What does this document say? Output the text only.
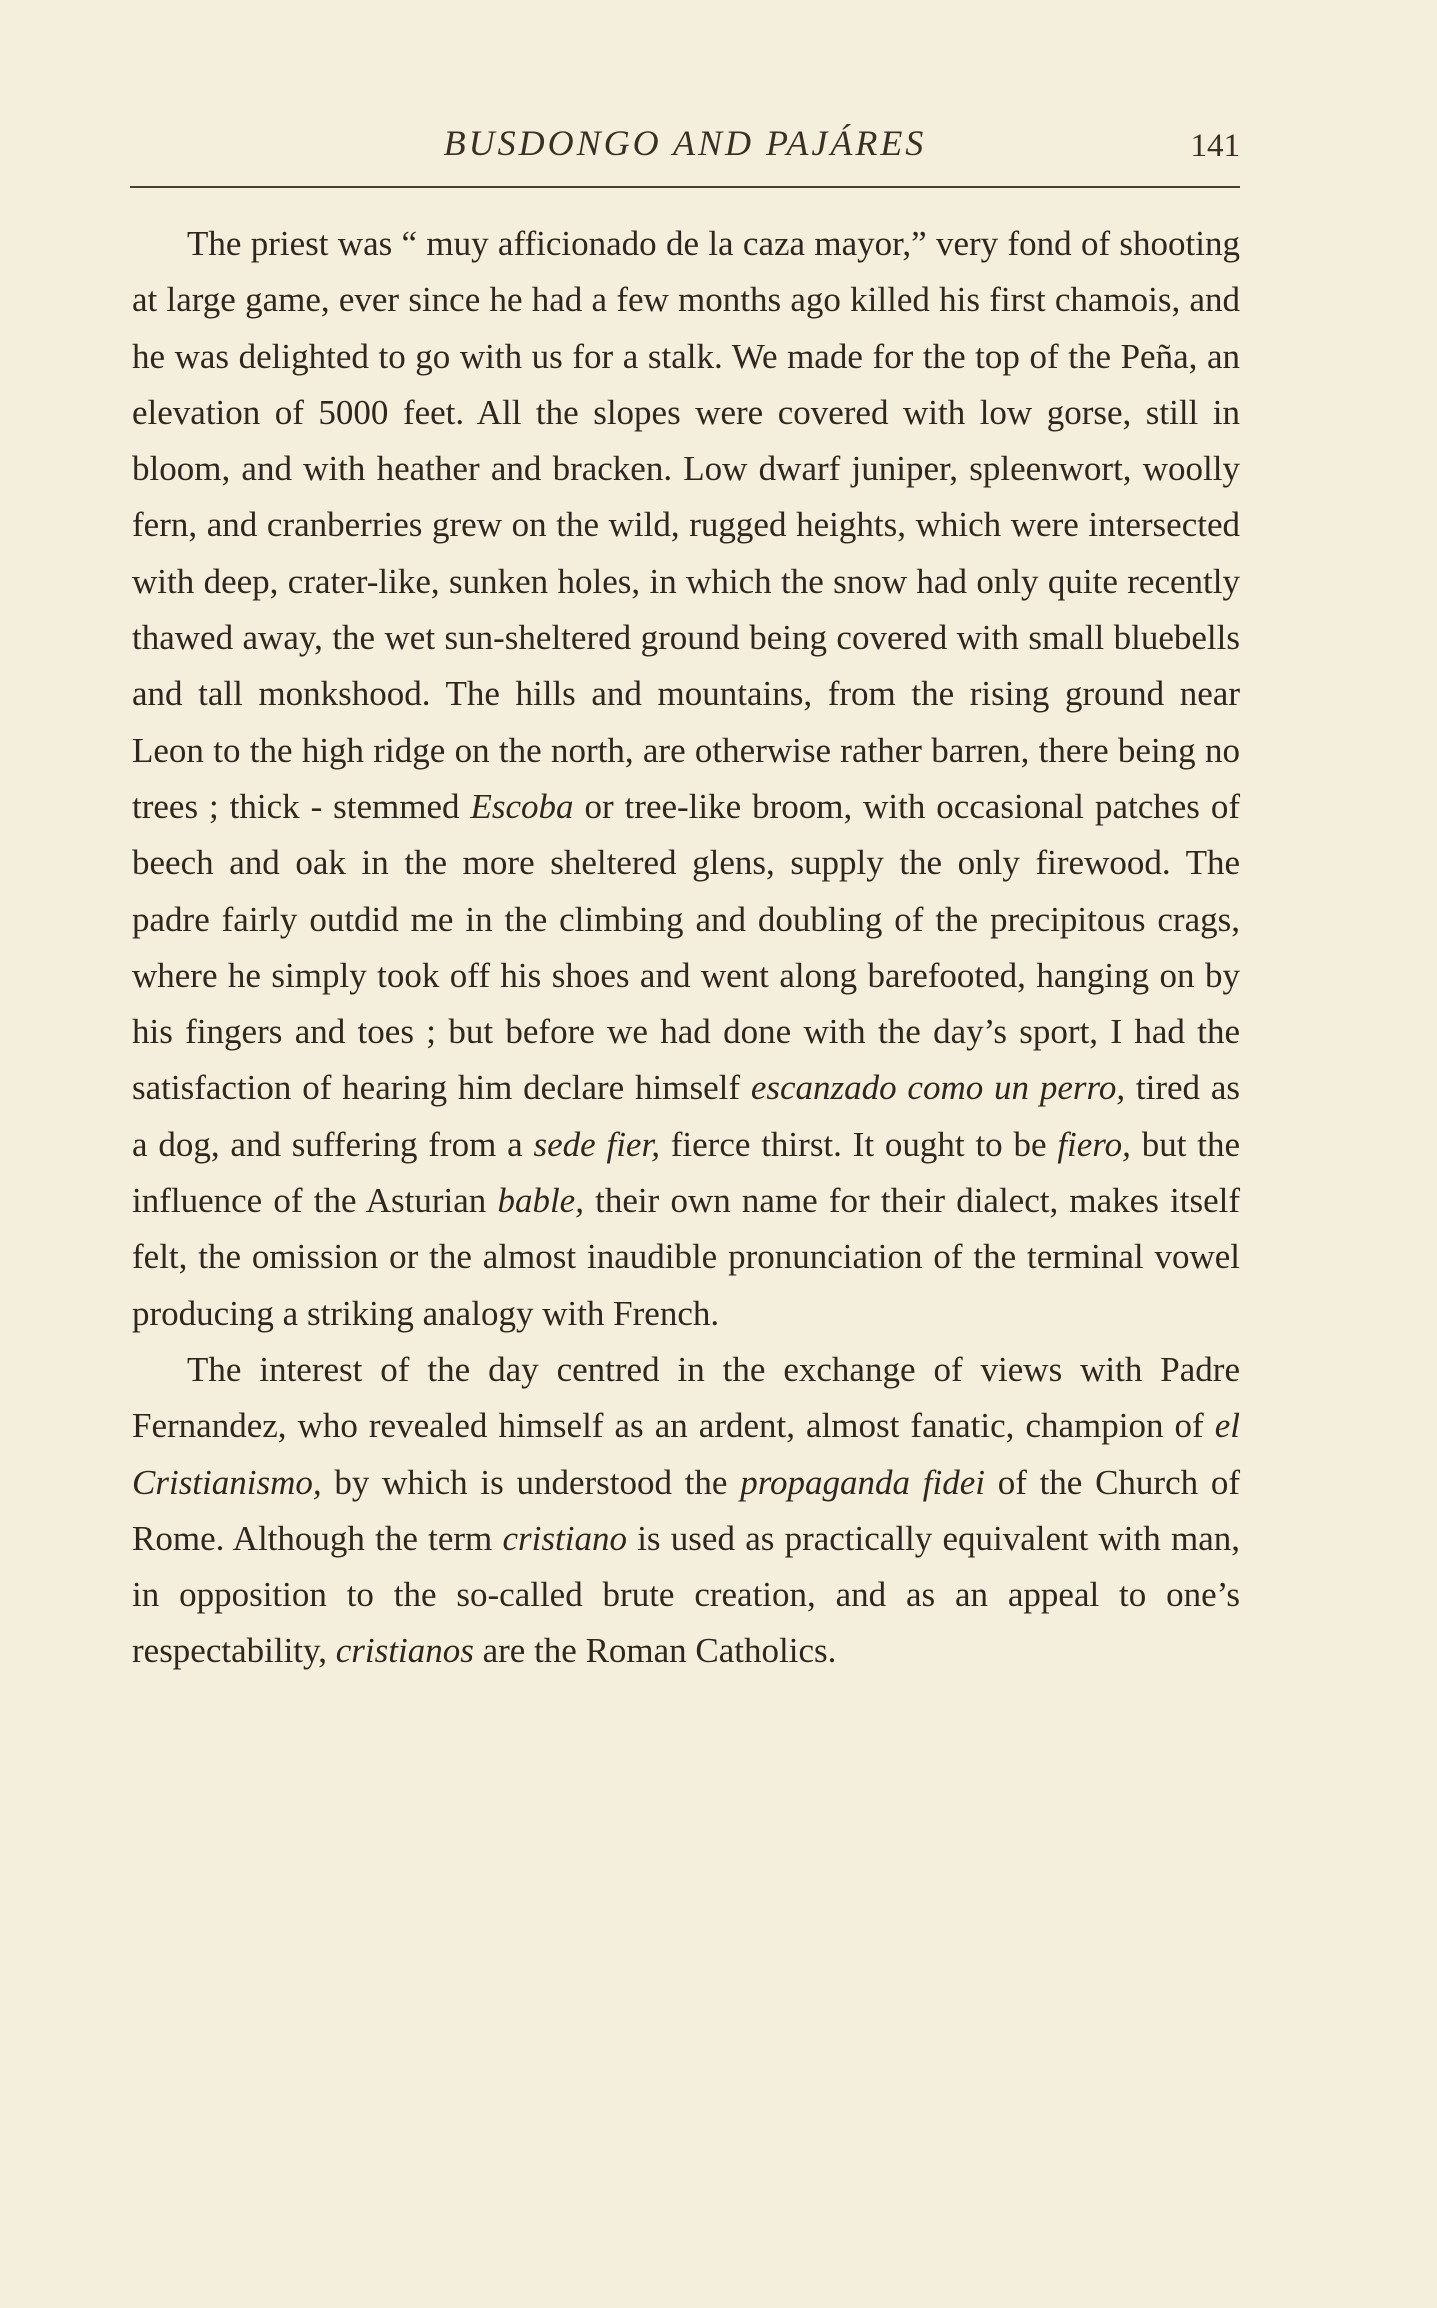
BUSDONGO AND PAJÁRES	141

The priest was “ muy afficionado de la caza mayor,” very fond of shooting at large game, ever since he had a few months ago killed his first chamois, and he was delighted to go with us for a stalk. We made for the top of the Peña, an elevation of 5000 feet. All the slopes were covered with low gorse, still in bloom, and with heather and bracken. Low dwarf juniper, spleenwort, woolly fern, and cranberries grew on the wild, rugged heights, which were intersected with deep, crater-like, sunken holes, in which the snow had only quite recently thawed away, the wet sun-sheltered ground being covered with small bluebells and tall monkshood. The hills and mountains, from the rising ground near Leon to the high ridge on the north, are otherwise rather barren, there being no trees ; thick - stemmed Escoba or tree-like broom, with occasional patches of beech and oak in the more sheltered glens, supply the only firewood. The padre fairly outdid me in the climbing and doubling of the precipitous crags, where he simply took off his shoes and went along barefooted, hanging on by his fingers and toes ; but before we had done with the day’s sport, I had the satisfaction of hearing him declare himself escanzado como un perro, tired as a dog, and suffering from a sede fier, fierce thirst. It ought to be fiero, but the influence of the Asturian bable, their own name for their dialect, makes itself felt, the omission or the almost inaudible pronunciation of the terminal vowel producing a striking analogy with French.

The interest of the day centred in the exchange of views with Padre Fernandez, who revealed himself as an ardent, almost fanatic, champion of el Cristianismo, by which is understood the propaganda fidei of the Church of Rome. Although the term cristiano is used as practically equivalent with man, in opposition to the so-called brute creation, and as an appeal to one’s respectability, cristianos are the Roman Catholics.
